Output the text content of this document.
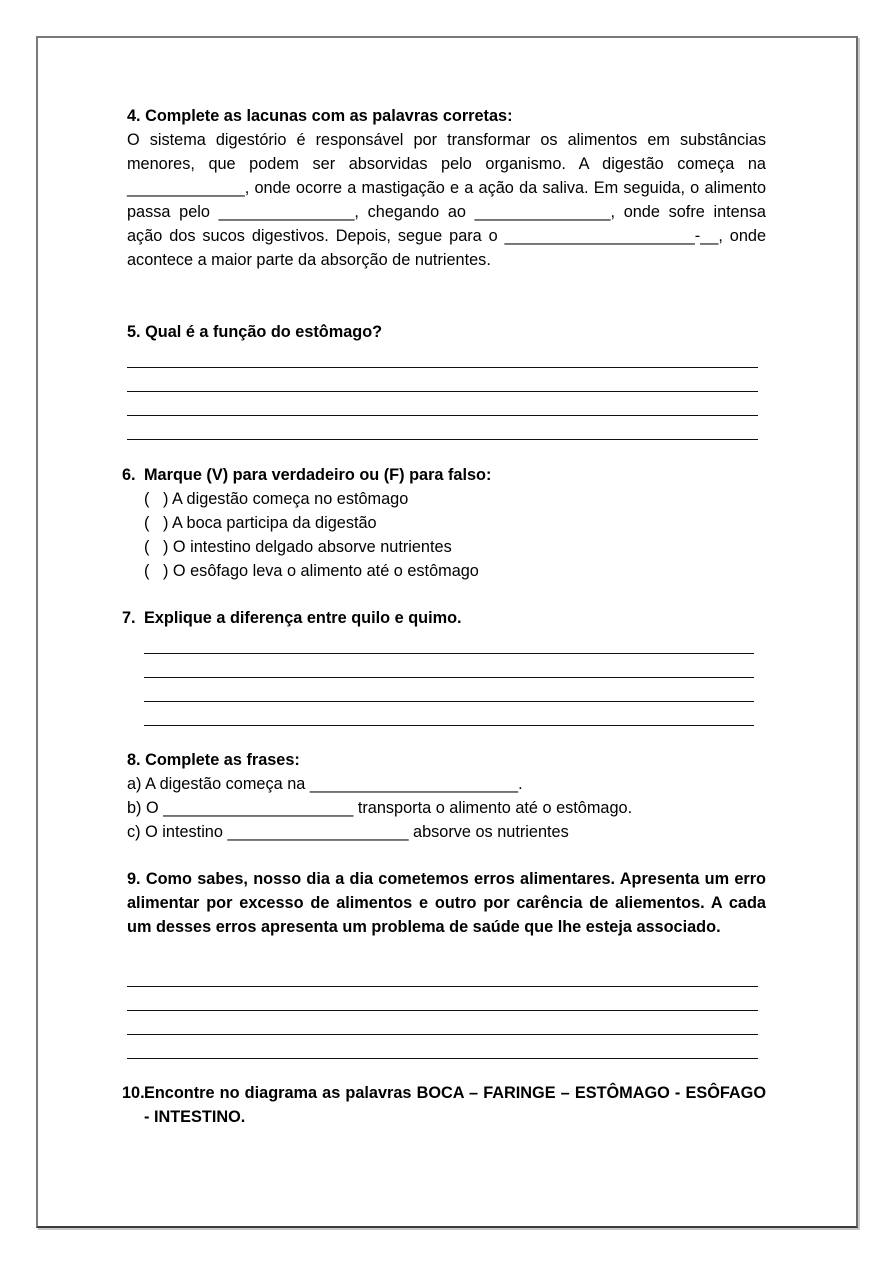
4. Complete as lacunas com as palavras corretas:

O sistema digestório é responsável por transformar os alimentos em substâncias menores, que podem ser absorvidas pelo organismo. A digestão começa na _____________, onde ocorre a mastigação e a ação da saliva. Em seguida, o alimento passa pelo _______________, chegando ao _______________, onde sofre intensa ação dos sucos digestivos. Depois, segue para o _____________________-__, onde acontece a maior parte da absorção de nutrientes.

5. Qual é a função do estômago?

6. Marque (V) para verdadeiro ou (F) para falso:
(   ) A digestão começa no estômago
(   ) A boca participa da digestão
(   ) O intestino delgado absorve nutrientes
(   ) O esôfago leva o alimento até o estômago
7. Explique a diferença entre quilo e quimo.

8. Complete as frases:

a) A digestão começa na _______________________.

b) O _____________________ transporta o alimento até o estômago.

c) O intestino ____________________ absorve os nutrientes

9. Como sabes, nosso dia a dia cometemos erros alimentares. Apresenta um erro alimentar por excesso de alimentos e outro por carência de aliementos. A cada um desses erros apresenta um problema de saúde que lhe esteja associado.

10. Encontre no diagrama as palavras BOCA – FARINGE – ESTÔMAGO - ESÔFAGO - INTESTINO.
